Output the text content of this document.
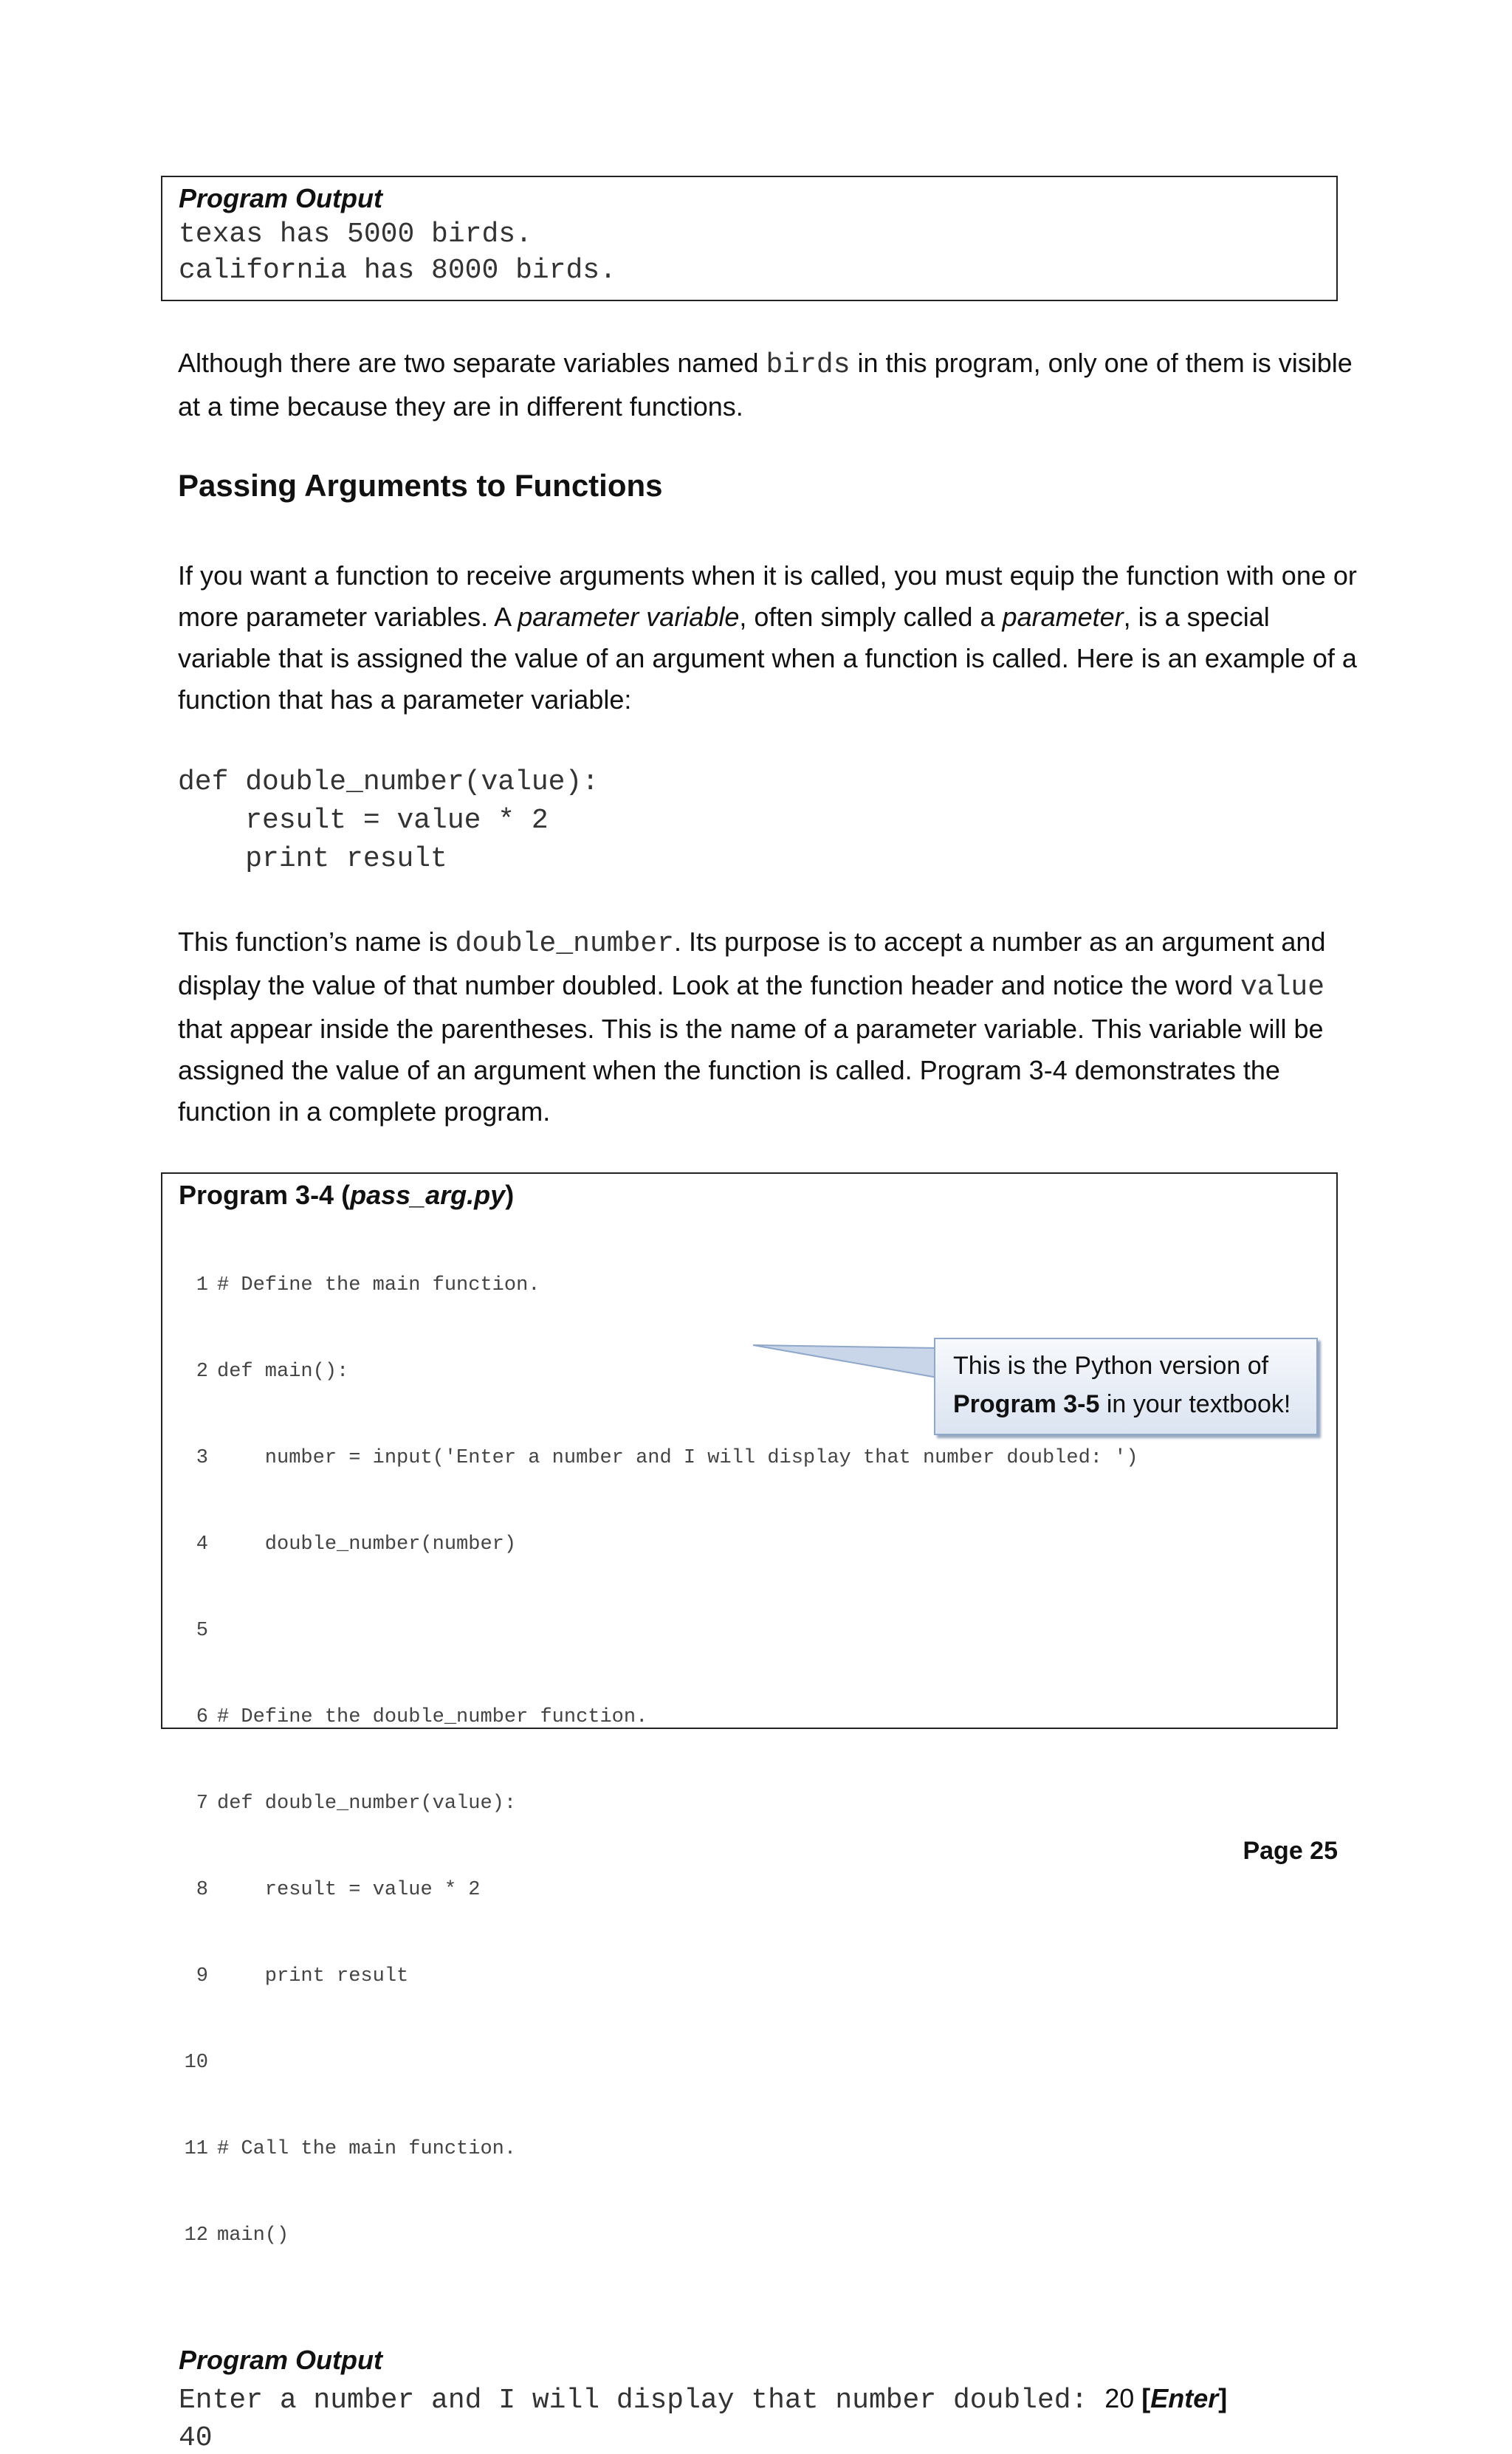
Program Output
texas has 5000 birds.
california has 8000 birds.

Although there are two separate variables named birds in this program, only one of them is visible at a time because they are in different functions.

Passing Arguments to Functions

If you want a function to receive arguments when it is called, you must equip the function with one or more parameter variables. A parameter variable, often simply called a parameter, is a special variable that is assigned the value of an argument when a function is called. Here is an example of a function that has a parameter variable:

def double_number(value):
result = value * 2
print result

This function’s name is double_number. Its purpose is to accept a number as an argument and display the value of that number doubled. Look at the function header and notice the word value that appear inside the parentheses. This is the name of a parameter variable. This variable will be assigned the value of an argument when the function is called. Program 3-4 demonstrates the function in a complete program.

Program 3-4 (pass_arg.py)

1 # Define the main function.

2 def main():

3    number = input('Enter a number and I will display that number doubled: ')

4    double_number(number)

5

6 # Define the double_number function.

7 def double_number(value):

8    result = value * 2

9    print result

10

11 # Call the main function.

12 main()

Program Output
Enter a number and I will display that number doubled: 20 [Enter]
40
This is the Python version of
Program 3-5 in your textbook!
Page 25
